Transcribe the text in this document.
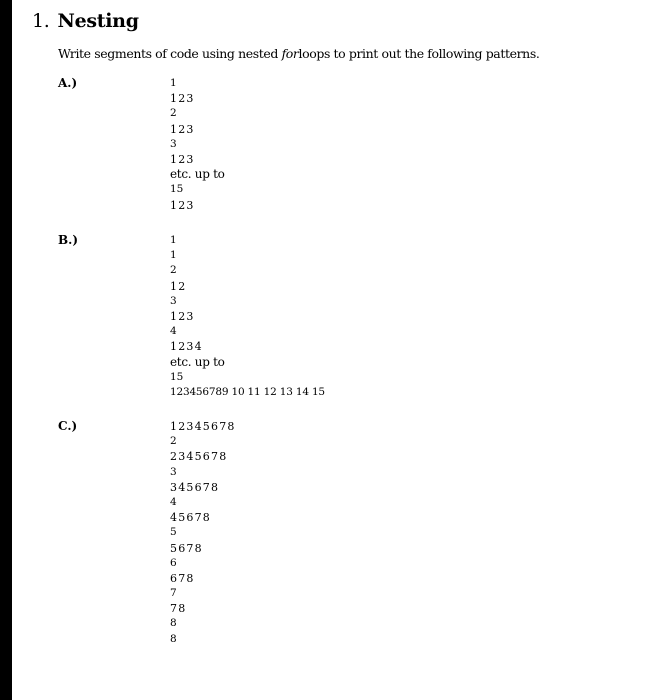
1. Nesting
Write segments of code using nested forloops to print out the following patterns.
A.)	1
123
2
123
3
123
etc. up to
15
123
B.)	1
1
2
12
3
123
4
1234
etc. up to
15
123456789 10 11 12 13 14 15
C.)	12345678
2
2345678
3
345678
4
45678
5
5678
6
678
7
78
8
8
